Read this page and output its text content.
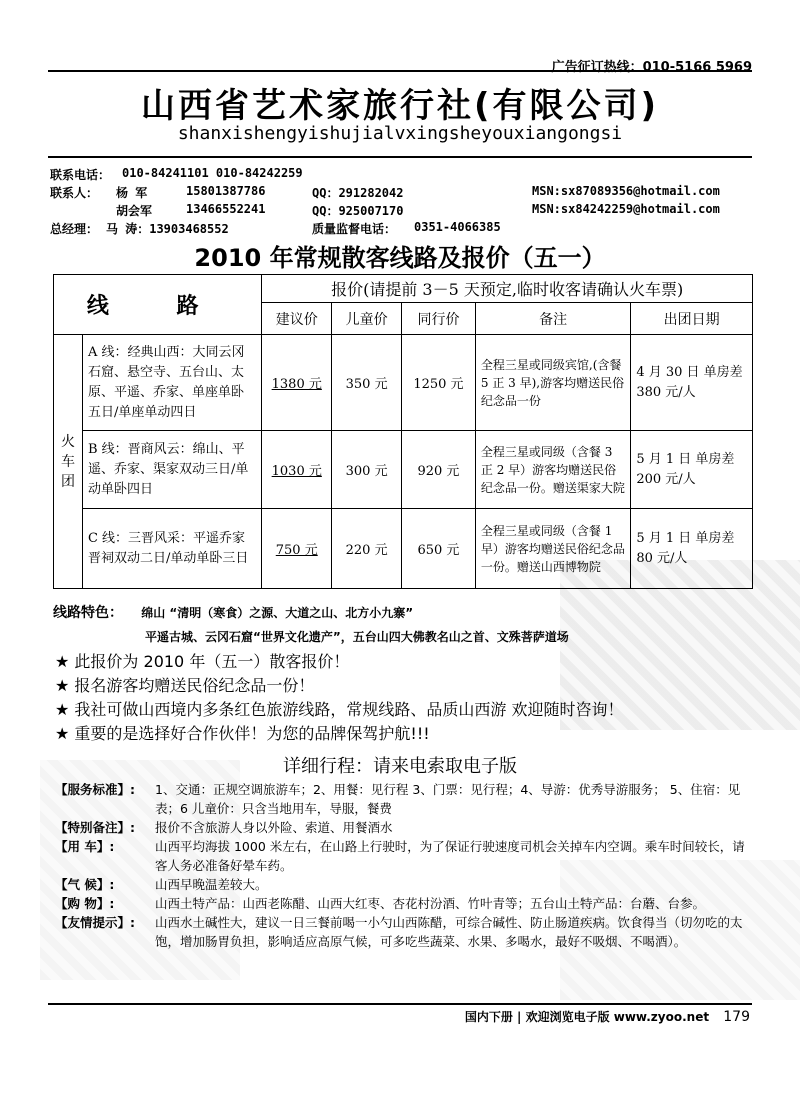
广告征订热线：010-5166 5969
山西省艺术家旅行社(有限公司)
shanxishengyishujialvxingsheyouxiangongsi
联系电话： 010-84241101 010-84242259
联系人： 杨 军	15801387786	QQ：291282042	MSN:sx87089356@hotmail.com
胡会军	13466552241	QQ：925007170	MSN:sx84242259@hotmail.com
总经理： 马 涛：13903468552	质量监督电话： 0351-4066385
2010 年常规散客线路及报价（五一）
线 路		报价(请提前 3－5 天预定,临时收客请确认火车票)				
		建议价	儿童价	同行价	备注	出团日期
火车团	A 线：经典山西：大同云冈石窟、悬空寺、五台山、太原、平遥、乔家、单座单卧五日/单座单动四日	1380 元	350 元	1250 元	全程三星或同级宾馆,(含餐 5 正 3 早),游客均赠送民俗纪念品一份	4 月 30 日 单房差 380 元/人
	B 线：晋商风云：绵山、平遥、乔家、渠家双动三日/单动单卧四日	1030 元	300 元	920 元	全程三星或同级（含餐 3 正 2 早）游客均赠送民俗纪念品一份。赠送渠家大院	5 月 1 日 单房差 200 元/人
	C 线：三晋风采：平遥乔家晋祠双动二日/单动单卧三日	750 元	220 元	650 元	全程三星或同级（含餐 1 早）游客均赠送民俗纪念品一份。赠送山西博物院	5 月 1 日 单房差 80 元/人
线路特色： 绵山 “清明（寒食）之源、大道之山、北方小九寨”
平遥古城、云冈石窟“世界文化遗产”，五台山四大佛教名山之首、文殊菩萨道场
★ 此报价为 2010 年（五一）散客报价！
★ 报名游客均赠送民俗纪念品一份！
★ 我社可做山西境内多条红色旅游线路，常规线路、品质山西游 欢迎随时咨询！
★ 重要的是选择好合作伙伴！为您的品牌保驾护航!!!
详细行程：请来电索取电子版
【服务标准】: 1、交通：正规空调旅游车；2、用餐：见行程 3、门票：见行程；4、导游：优秀导游服务； 5、住宿：见表；6 儿童价：只含当地用车，导服，餐费
【特别备注】: 报价不含旅游人身以外险、索道、用餐酒水
【用 车】:	山西平均海拔 1000 米左右，在山路上行驶时，为了保证行驶速度司机会关掉车内空调。乘车时间较长，请客人务必准备好晕车药。
【气 候】:	山西早晚温差较大。
【购 物】:	山西土特产品：山西老陈醋、山西大红枣、杏花村汾酒、竹叶青等；五台山土特产品：台蘑、台参。
【友情提示】: 山西水土碱性大，建议一日三餐前喝一小勺山西陈醋，可综合碱性、防止肠道疾病。饮食得当（切勿吃的太饱，增加肠胃负担，影响适应高原气候，可多吃些蔬菜、水果、多喝水，最好不吸烟、不喝酒）。
国内下册 | 欢迎浏览电子版 www.zyoo.net 179
